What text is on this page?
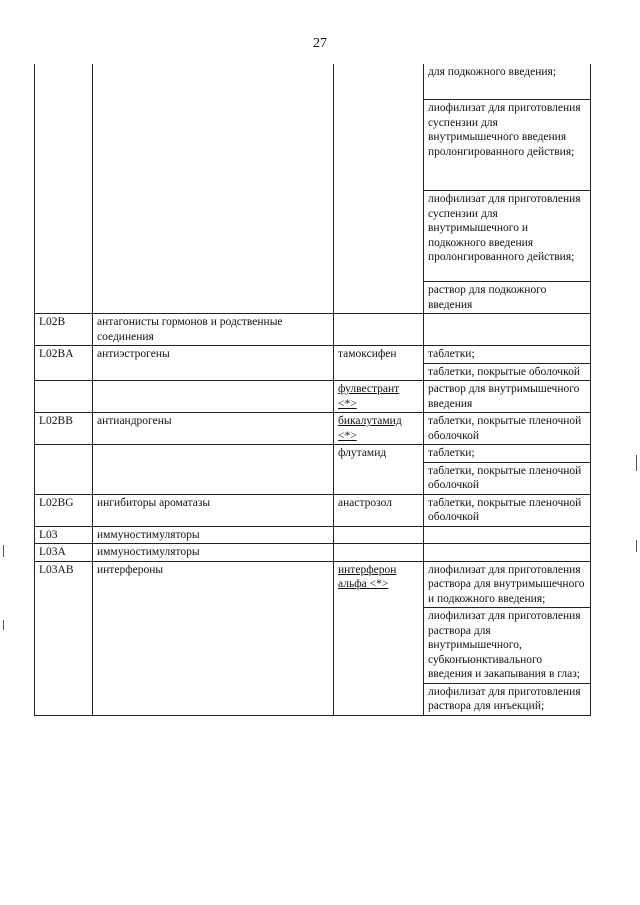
27
			для подкожного введения;
			лиофилизат для приготовления суспензии для внутримышечного введения пролонгированного действия;
			лиофилизат для приготовления суспензии для внутримышечного и подкожного введения пролонгированного действия;
			раствор для подкожного введения
L02B	антагонисты гормонов и родственные соединения		
L02BA	антиэстрогены	тамоксифен	таблетки;
			таблетки, покрытые оболочкой
		фулвестрант <*>	раствор для внутримышечного введения
L02BB	антиандрогены	бикалутамид <*>	таблетки, покрытые пленочной оболочкой
		флутамид	таблетки;
			таблетки, покрытые пленочной оболочкой
L02BG	ингибиторы ароматазы	анастрозол	таблетки, покрытые пленочной оболочкой
L03	иммуностимуляторы		
L03A	иммуностимуляторы		
L03AB	интерфероны	интерферон альфа <*>	лиофилизат для приготовления раствора для внутримышечного и подкожного введения;
			лиофилизат для приготовления раствора для внутримышечного, субконъюнктивального введения и закапывания в глаз;
			лиофилизат для приготовления раствора для инъекций;
